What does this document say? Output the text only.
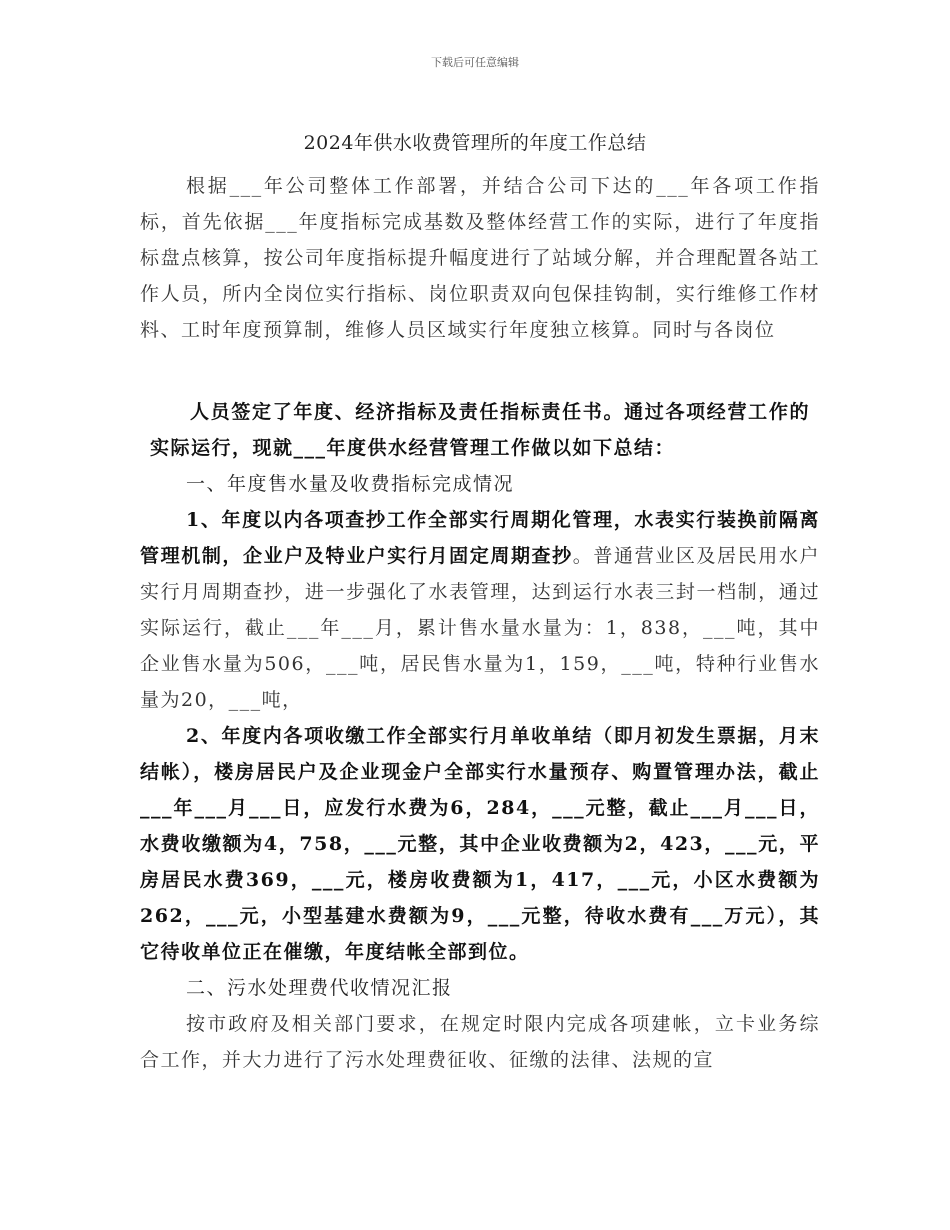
下载后可任意编辑
2024年供水收费管理所的年度工作总结

根据___年公司整体工作部署，并结合公司下达的___年各项工作指标，首先依据___年度指标完成基数及整体经营工作的实际，进行了年度指标盘点核算，按公司年度指标提升幅度进行了站域分解，并合理配置各站工作人员，所内全岗位实行指标、岗位职责双向包保挂钩制，实行维修工作材料、工时年度预算制，维修人员区域实行年度独立核算。同时与各岗位

人员签定了年度、经济指标及责任指标责任书。通过各项经营工作的实际运行，现就___年度供水经营管理工作做以如下总结：

一、年度售水量及收费指标完成情况

1、年度以内各项查抄工作全部实行周期化管理，水表实行装换前隔离管理机制，企业户及特业户实行月固定周期查抄。普通营业区及居民用水户实行月周期查抄，进一步强化了水表管理，达到运行水表三封一档制，通过实际运行，截止___年___月，累计售水量水量为：1，838，___吨，其中企业售水量为506，___吨，居民售水量为1，159，___吨，特种行业售水量为20，___吨，

2、年度内各项收缴工作全部实行月单收单结（即月初发生票据，月末结帐），楼房居民户及企业现金户全部实行水量预存、购置管理办法，截止___年___月___日，应发行水费为6，284，___元整，截止___月___日，水费收缴额为4，758，___元整，其中企业收费额为2，423，___元，平房居民水费369，___元，楼房收费额为1，417，___元，小区水费额为262，___元，小型基建水费额为9，___元整，待收水费有___万元），其它待收单位正在催缴，年度结帐全部到位。

二、污水处理费代收情况汇报

按市政府及相关部门要求，在规定时限内完成各项建帐，立卡业务综合工作，并大力进行了污水处理费征收、征缴的法律、法规的宣
